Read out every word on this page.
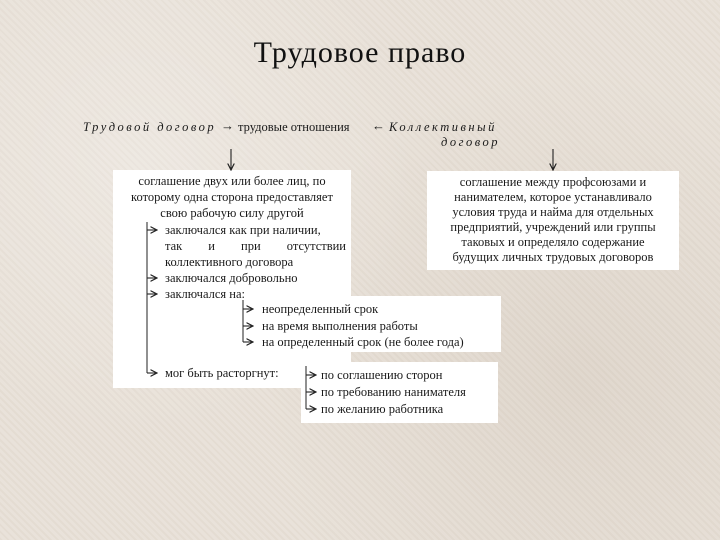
Трудовое право
Трудовой договор → трудовые отношения ← Коллективный
договор
соглашение двух или более лиц, по
которому одна сторона предоставляет
свою рабочую силу другой
заключался как при наличии,
так и при отсутствии
коллективного договора
заключался добровольно
заключался на:
неопределенный срок
на время выполнения работы
на определенный срок (не более года)
мог быть расторгнут:	по соглашению сторон
по требованию нанимателя
по желанию работника
соглашение между профсоюзами и
нанимателем, которое устанавливало
условия труда и найма для отдельных
предприятий, учреждений или группы
таковых и определяло содержание
будущих личных трудовых договоров
